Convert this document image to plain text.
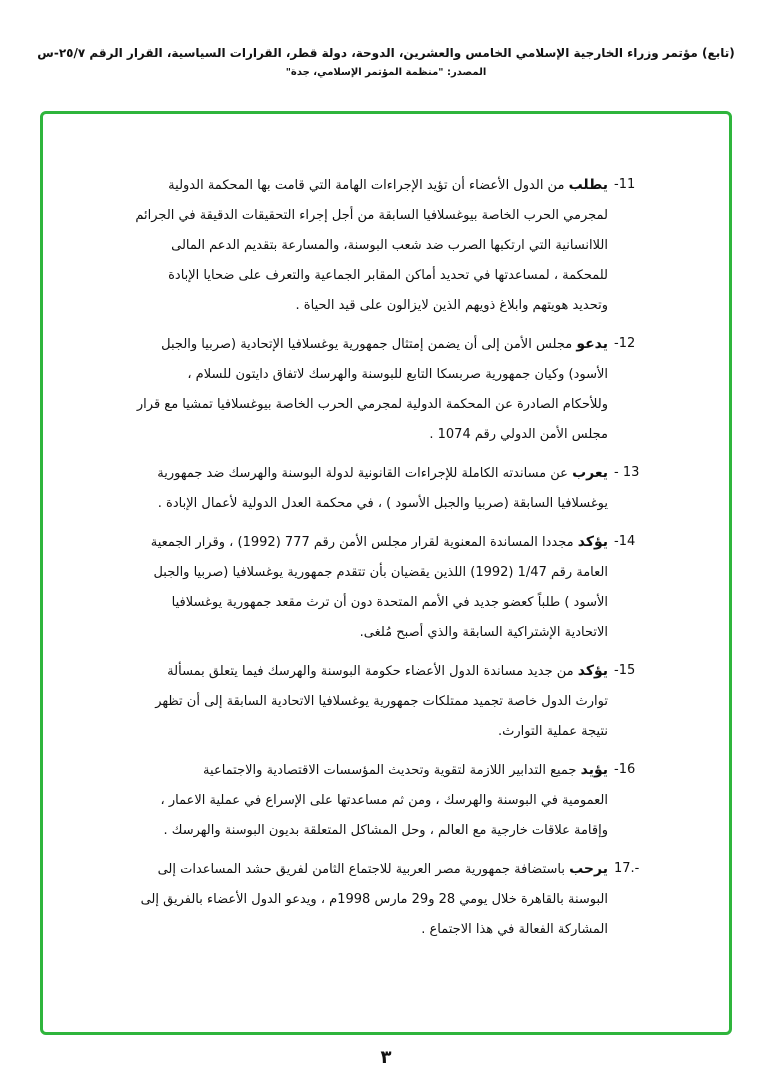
(تابع) مؤتمر وزراء الخارجية الإسلامي الخامس والعشرين، الدوحة، دولة قطر، القرارات السياسية، القرار الرقم ٢٥/٧-س
المصدر: "منظمة المؤتمر الإسلامي، جدة"
-11
يطلب من الدول الأعضاء أن تؤيد الإجراءات الهامة التي قامت بها المحكمة الدولية
لمجرمي الحرب الخاصة بيوغسلافيا السابقة من أجل إجراء التحقيقات الدقيقة في الجرائم
اللاانسانية التي ارتكبها الصرب ضد شعب البوسنة، والمسارعة بتقديم الدعم المالى
للمحكمة ، لمساعدتها في تحديد أماكن المقابر الجماعية والتعرف على ضحايا الإبادة
وتحديد هويتهم وابلاغ ذويهم الذين لايزالون على قيد الحياة .
-12
يدعو مجلس الأمن إلى أن يضمن إمتثال جمهورية يوغسلافيا الإتحادية (صربيا والجبل
الأسود) وكيان جمهورية صربسكا التابع للبوسنة والهرسك لاتفاق دايتون للسلام ،
وللأحكام الصادرة عن المحكمة الدولية لمجرمي الحرب الخاصة بيوغسلافيا تمشيا مع قرار
مجلس الأمن الدولي رقم 1074 .
- 13
يعرب عن مساندته الكاملة للإجراءات القانونية لدولة البوسنة والهرسك ضد جمهورية
يوغسلافيا السابقة (صربيا والجبل الأسود ) ، في محكمة العدل الدولية لأعمال الإبادة .
-14
يؤكد مجددا المساندة المعنوية لقرار مجلس الأمن رقم 777 (1992) ، وقرار الجمعية
العامة رقم 1/47 (1992) اللذين يقضيان بأن تتقدم جمهورية يوغسلافيا (صربيا والجبل
الأسود ) طلباً كعضو جديد في الأمم المتحدة دون أن ترث مقعد جمهورية يوغسلافيا
الاتحادية الإشتراكية السابقة والذي أصبح مُلغى.
-15
يؤكد من جديد مساندة الدول الأعضاء حكومة البوسنة والهرسك فيما يتعلق بمسألة
توارث الدول خاصة تجميد ممتلكات جمهورية يوغسلافيا الاتحادية السابقة إلى أن تظهر
نتيجة عملية التوارث.
-16
يؤيد جميع التدابير اللازمة لتقوية وتحديث المؤسسات الاقتصادية والاجتماعية
العمومية في البوسنة والهرسك ، ومن ثم مساعدتها على الإسراع في عملية الاعمار ،
وإقامة علاقات خارجية مع العالم ، وحل المشاكل المتعلقة بديون البوسنة والهرسك .
17.-
يرحب باستضافة جمهورية مصر العربية للاجتماع الثامن لفريق حشد المساعدات إلى
البوسنة بالقاهرة خلال يومي 28 و29 مارس 1998م ، ويدعو الدول الأعضاء بالفريق إلى
المشاركة الفعالة في هذا الاجتماع .
٣
